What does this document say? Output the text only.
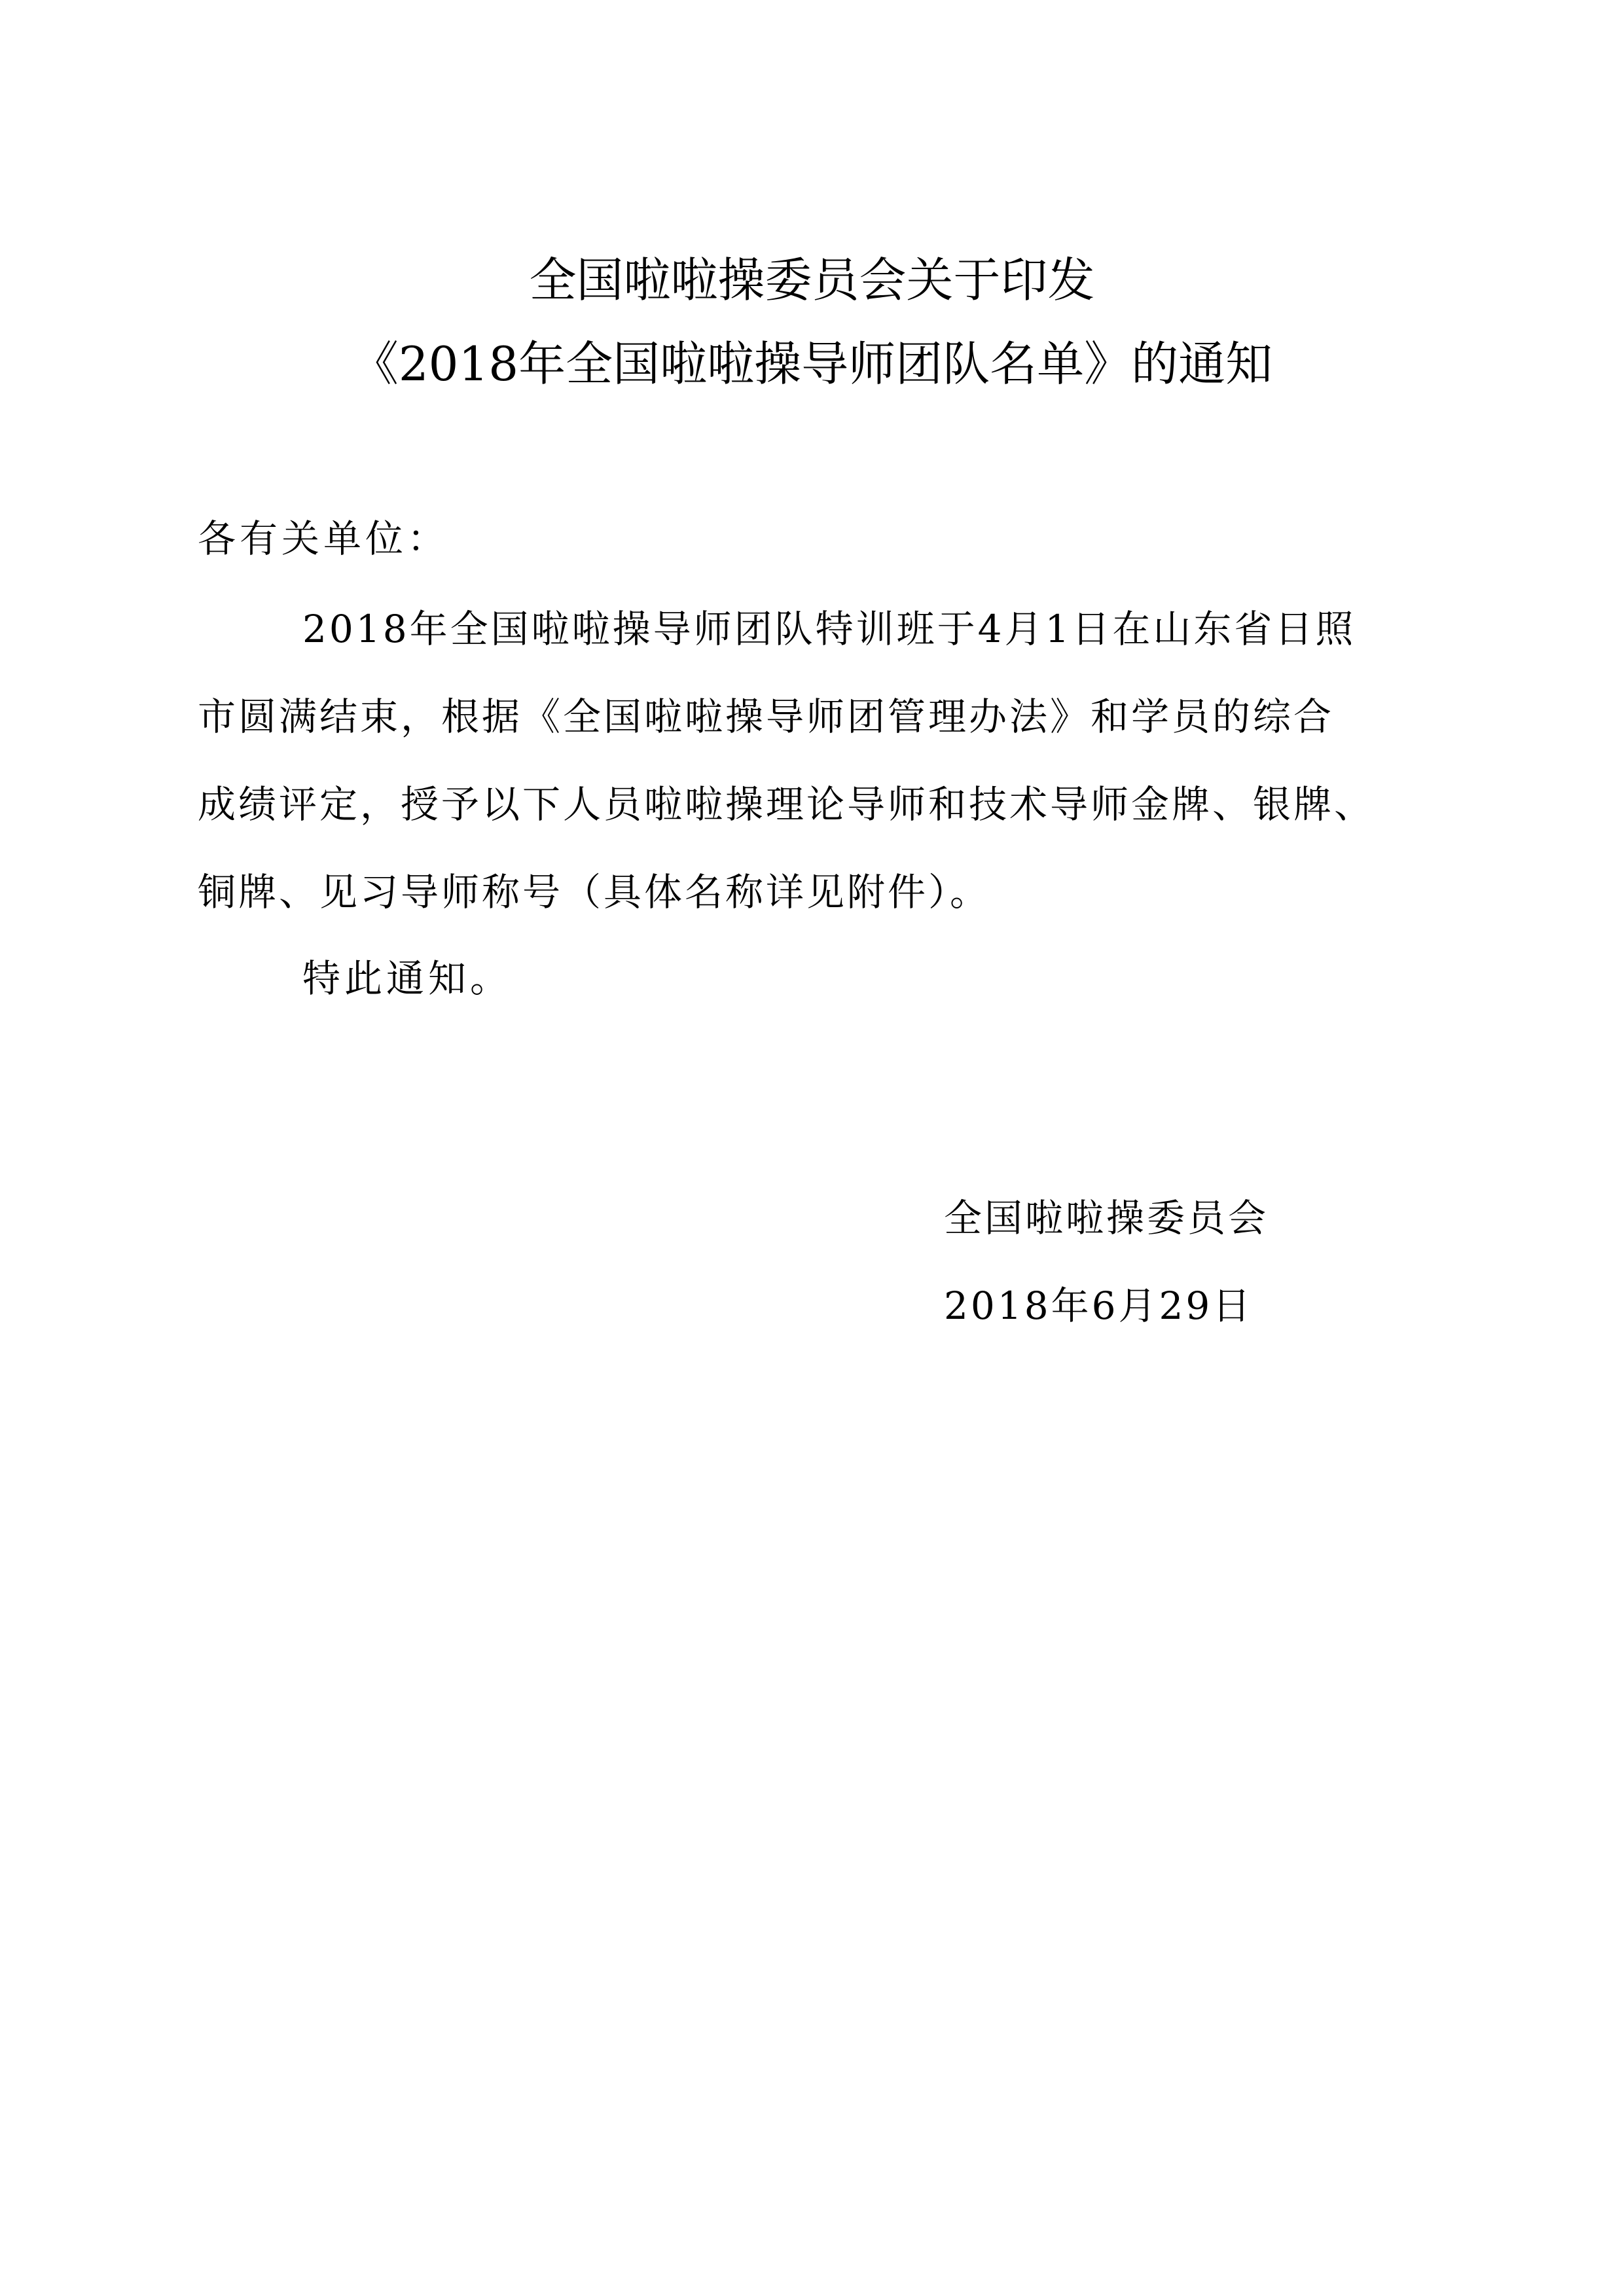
全国啦啦操委员会关于印发
《2018年全国啦啦操导师团队名单》的通知
各有关单位：
2018年全国啦啦操导师团队特训班于4月1日在山东省日照
市圆满结束，根据《全国啦啦操导师团管理办法》和学员的综合
成绩评定，授予以下人员啦啦操理论导师和技术导师金牌、银牌、
铜牌、见习导师称号（具体名称详见附件）。
特此通知。
全国啦啦操委员会
2018年6月29日
